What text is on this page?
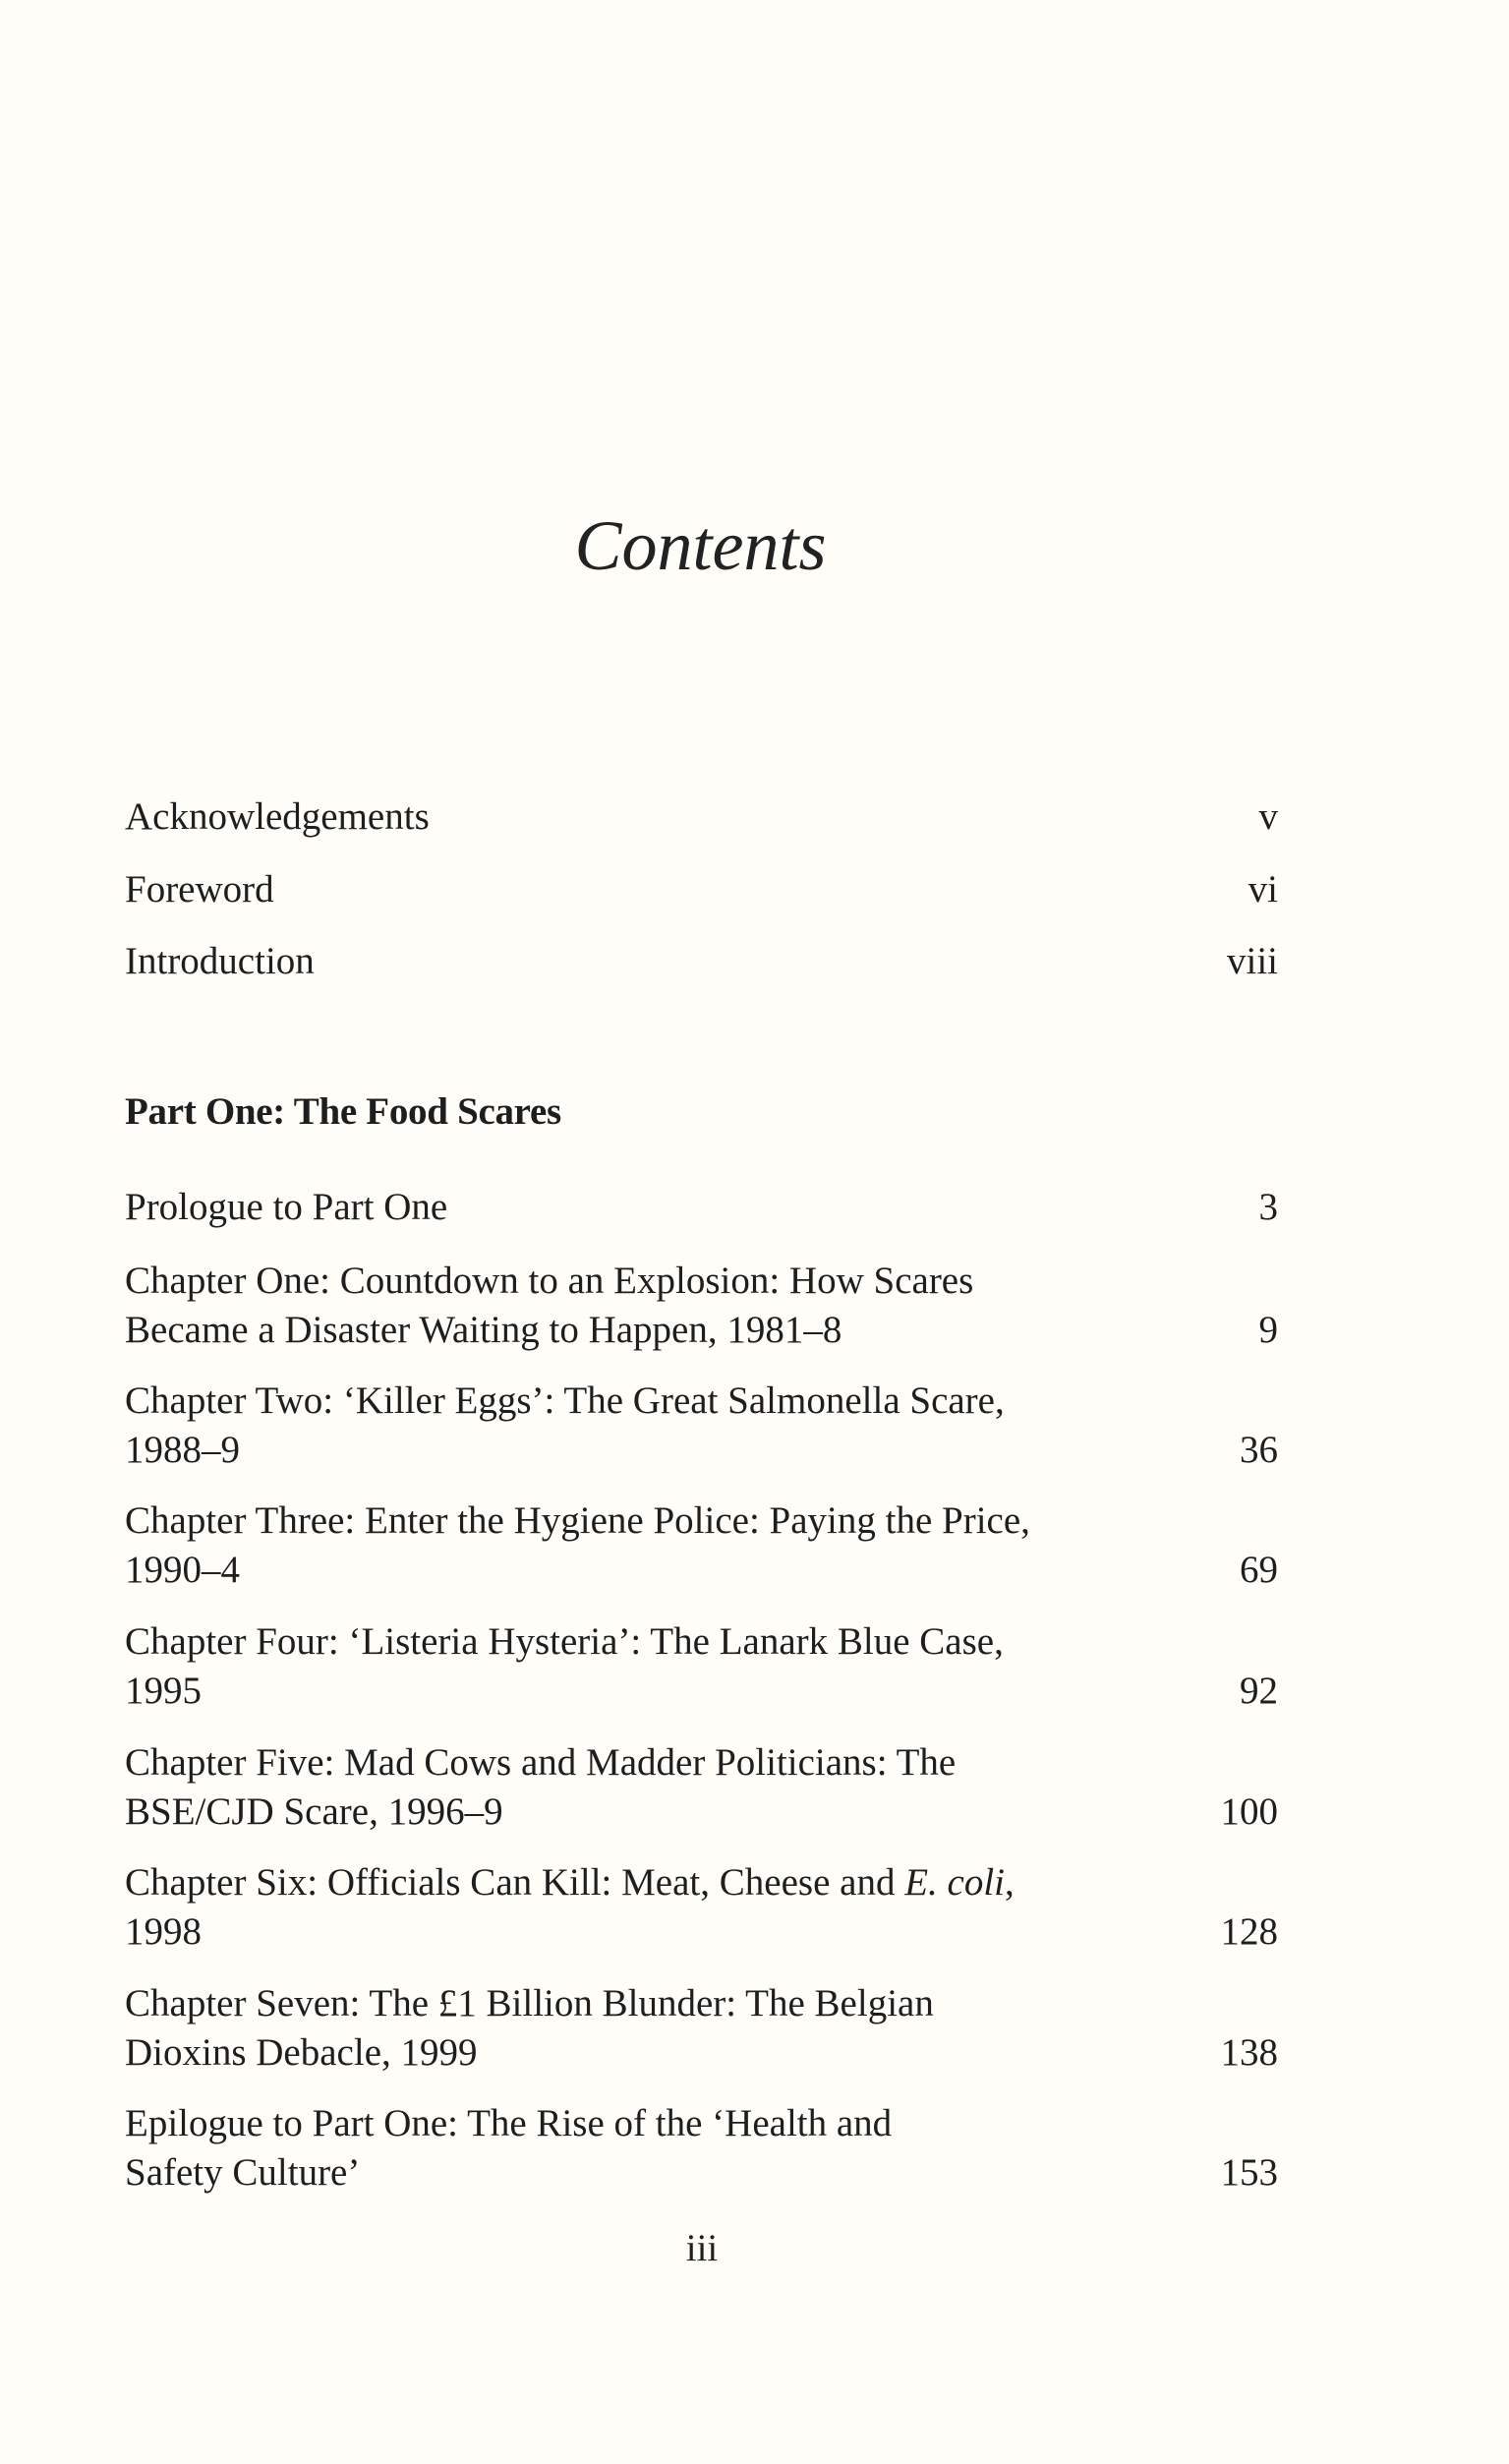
Contents
Acknowledgements	v
Foreword	vi
Introduction	viii
Part One: The Food Scares
Prologue to Part One	3
Chapter One: Countdown to an Explosion: How Scares
Became a Disaster Waiting to Happen, 1981–8	9
Chapter Two: ‘Killer Eggs’: The Great Salmonella Scare,
1988–9	36
Chapter Three: Enter the Hygiene Police: Paying the Price,
1990–4	69
Chapter Four: ‘Listeria Hysteria’: The Lanark Blue Case,
1995	92
Chapter Five: Mad Cows and Madder Politicians: The
BSE/CJD Scare, 1996–9	100
Chapter Six: Officials Can Kill: Meat, Cheese and E. coli,
1998	128
Chapter Seven: The £1 Billion Blunder: The Belgian
Dioxins Debacle, 1999	138
Epilogue to Part One: The Rise of the ‘Health and
Safety Culture’	153
iii
